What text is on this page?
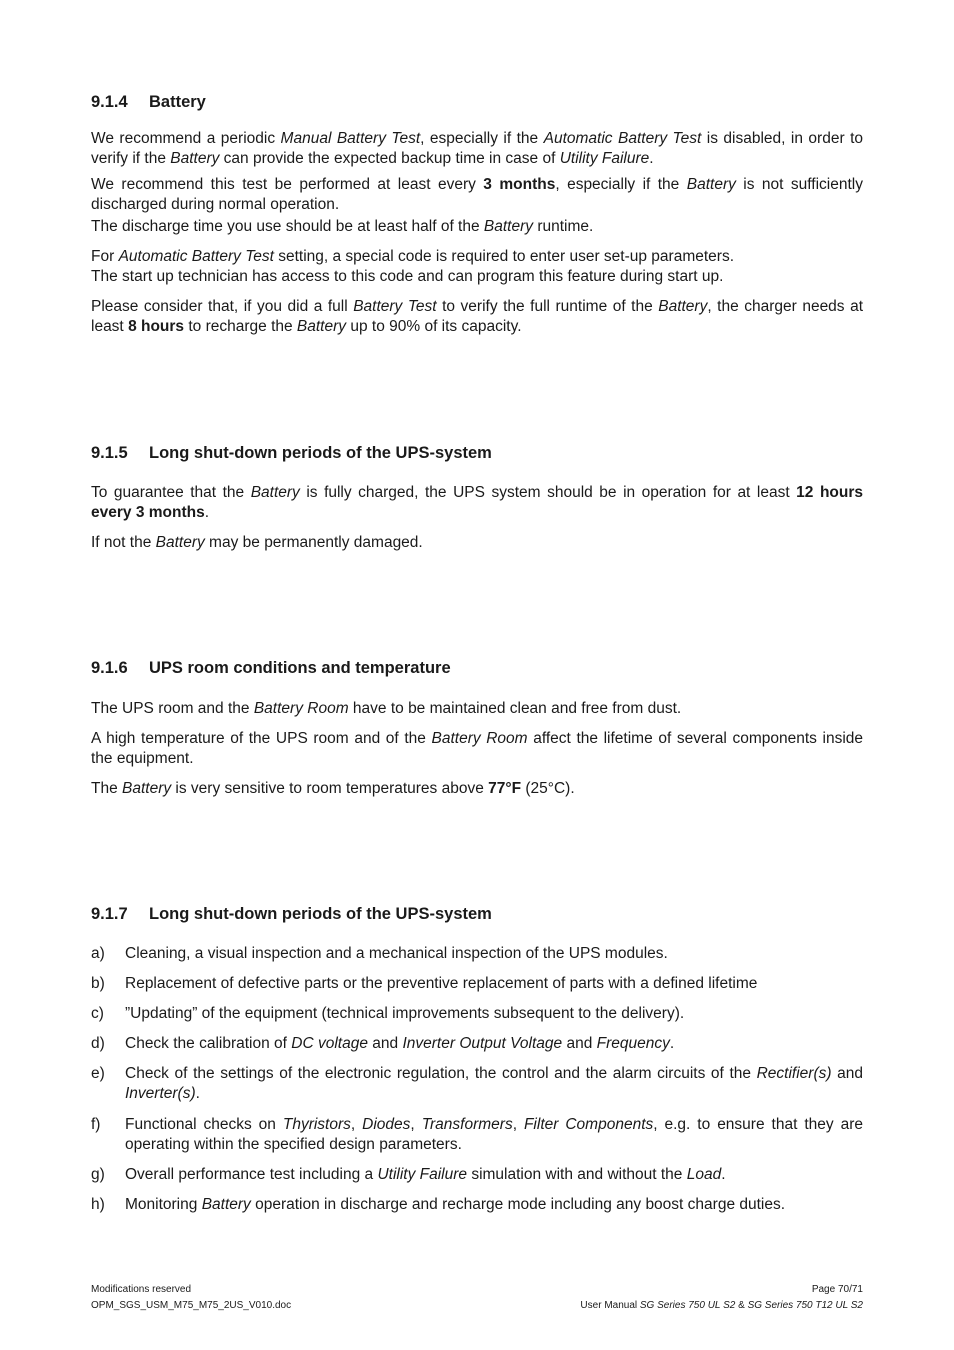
9.1.4 Battery

We recommend a periodic Manual Battery Test, especially if the Automatic Battery Test is disabled, in order to verify if the Battery can provide the expected backup time in case of Utility Failure.

We recommend this test be performed at least every 3 months, especially if the Battery is not sufficiently discharged during normal operation.

The discharge time you use should be at least half of the Battery runtime.

For Automatic Battery Test setting, a special code is required to enter user set-up parameters.

The start up technician has access to this code and can program this feature during start up.

Please consider that, if you did a full Battery Test to verify the full runtime of the Battery, the charger needs at least 8 hours to recharge the Battery up to 90% of its capacity.

9.1.5 Long shut-down periods of the UPS-system

To guarantee that the Battery is fully charged, the UPS system should be in operation for at least 12 hours every 3 months.

If not the Battery may be permanently damaged.

9.1.6 UPS room conditions and temperature

The UPS room and the Battery Room have to be maintained clean and free from dust.

A high temperature of the UPS room and of the Battery Room affect the lifetime of several components inside the equipment.

The Battery is very sensitive to room temperatures above 77°F (25°C).

9.1.7 Long shut-down periods of the UPS-system
a)	Cleaning, a visual inspection and a mechanical inspection of the UPS modules.
b)	Replacement of defective parts or the preventive replacement of parts with a defined lifetime
c)	”Updating” of the equipment (technical improvements subsequent to the delivery).
d)	Check the calibration of DC voltage and Inverter Output Voltage and Frequency.
e)	Check of the settings of the electronic regulation, the control and the alarm circuits of the Rectifier(s) and Inverter(s).
f)	Functional checks on Thyristors, Diodes, Transformers, Filter Components, e.g. to ensure that they are operating within the specified design parameters.
g)	Overall performance test including a Utility Failure simulation with and without the Load.
h)	Monitoring Battery operation in discharge and recharge mode including any boost charge duties.
Modifications reserved
OPM_SGS_USM_M75_M75_2US_V010.doc
Page 70/71
User Manual SG Series 750 UL S2 & SG Series 750 T12 UL S2
